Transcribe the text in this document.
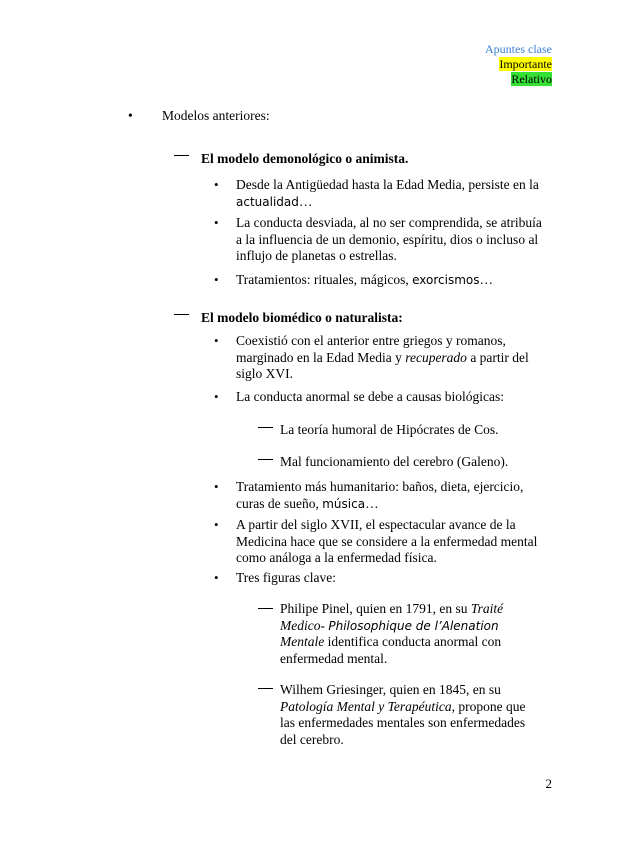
Apuntes clase
Importante
Relativo
• Modelos anteriores:
El modelo demonológico o animista.
• Desde la Antigüedad hasta la Edad Media, persiste en la actualidad…
• La conducta desviada, al no ser comprendida, se atribuía a la influencia de un demonio, espíritu, dios o incluso al influjo de planetas o estrellas.
• Tratamientos: rituales, mágicos, exorcismos…
El modelo biomédico o naturalista:
• Coexistió con el anterior entre griegos y romanos, marginado en la Edad Media y recuperado a partir del siglo XVI.
• La conducta anormal se debe a causas biológicas:
La teoría humoral de Hipócrates de Cos.
Mal funcionamiento del cerebro (Galeno).
• Tratamiento más humanitario: baños, dieta, ejercicio, curas de sueño, música…
• A partir del siglo XVII, el espectacular avance de la Medicina hace que se considere a la enfermedad mental como análoga a la enfermedad física.
• Tres figuras clave:
Philipe Pinel, quien en 1791, en su Traité Medico- Philosophique de l’Alenation Mentale identifica conducta anormal con enfermedad mental.
Wilhem Griesinger, quien en 1845, en su Patología Mental y Terapéutica, propone que las enfermedades mentales son enfermedades del cerebro.
2
